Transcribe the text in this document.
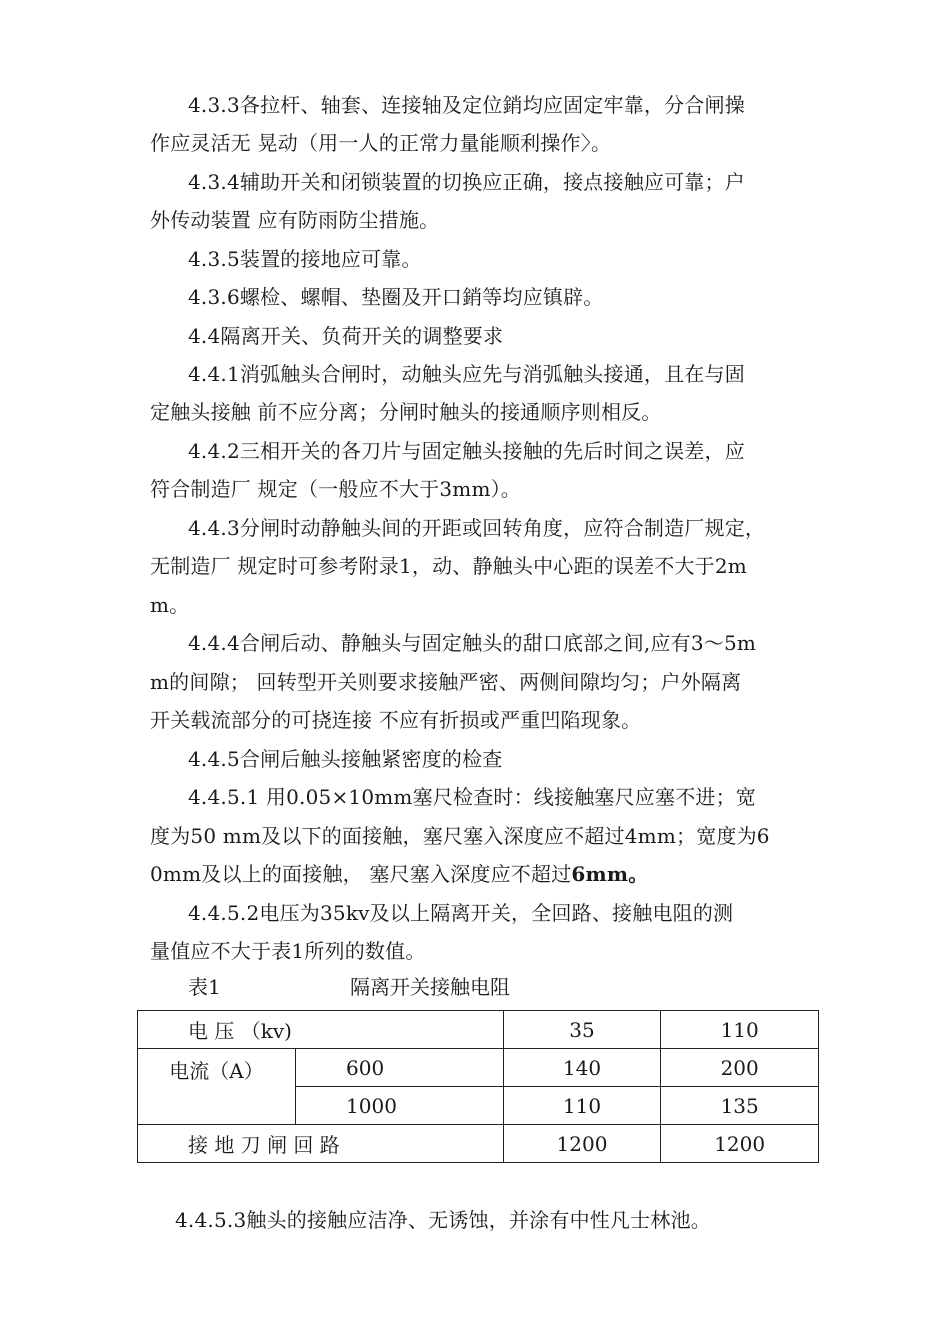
4.3.3各拉杆、轴套、连接轴及定位銷均应固定牢靠，分合闸操
作应灵活无 晃动（用一人的正常力量能顺利操作〉。
4.3.4辅助开关和闭锁装置的切换应正确，接点接触应可靠；户
外传动装置 应有防雨防尘措施。
4.3.5装置的接地应可靠。
4.3.6螺检、螺帽、垫圈及开口銷等均应镇辟。
4.4隔离开关、负荷开关的调整要求
4.4.1消弧触头合闸时，动触头应先与消弧触头接通，且在与固
定触头接触 前不应分离；分闸时触头的接通顺序则相反。
4.4.2三相开关的各刀片与固定触头接触的先后时间之误差，应
符合制造厂 规定（一般应不大于3mm）。
4.4.3分闸时动静触头间的开距或回转角度，应符合制造厂规定，
无制造厂 规定时可参考附录1，动、静触头中心距的误差不大于2m
m。
4.4.4合闸后动、静触头与固定触头的甜口底部之间,应有3〜5m
m的间隙； 回转型开关则要求接触严密、两侧间隙均匀；户外隔离
开关载流部分的可挠连接 不应有折损或严重凹陷现象。
4.4.5合闸后触头接触紧密度的检查
4.4.5.1 用0.05×10mm塞尺检查时：线接触塞尺应塞不进；宽
度为50 mm及以下的面接触，塞尺塞入深度应不超过4mm；宽度为6
0mm及以上的面接触， 塞尺塞入深度应不超过6mm。
4.4.5.2电压为35kv及以上隔离开关，全回路、接触电阻的测
量值应不大于表1所列的数值。
表1	隔离开关接触电阻
电 压 （kv)		35	110
电流（A）	600	140	200
	1000	110	135
接 地 刀 闸 回 路		1200	1200
4.4.5.3触头的接触应洁净、无诱蚀，并涂有中性凡士林池。
